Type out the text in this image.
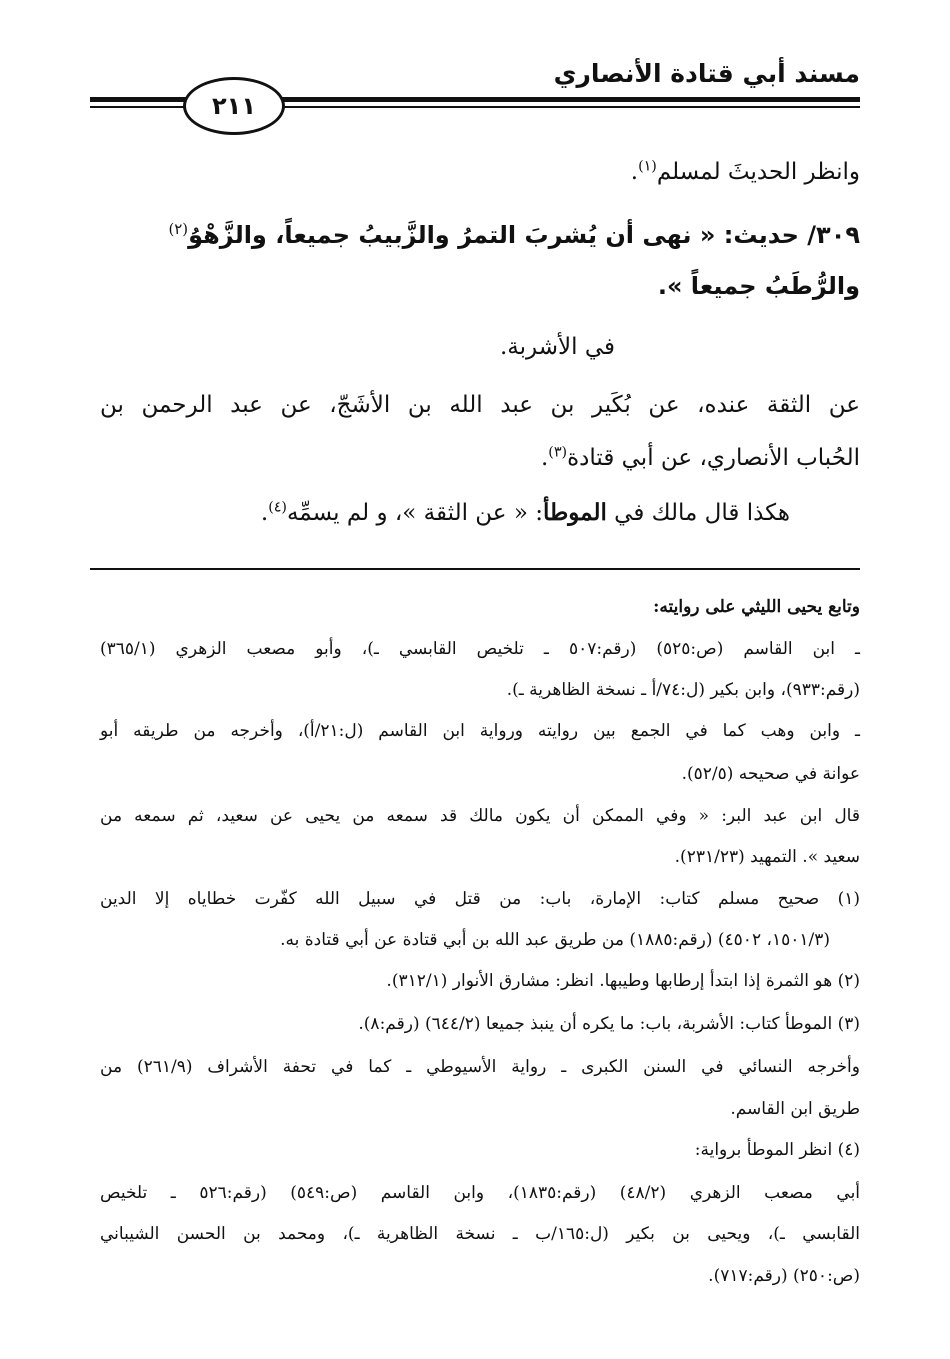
مسند أبي قتادة الأنصاري
٢١١
وانظر الحديثَ لمسلم$^{(١)}$.
٣٠٩/ حديث: « نهى أن يُشربَ التمرُ والزَّبيبُ جميعاً، والزَّهْوُ$^{(٢)}$
والرُّطَبُ جميعاً ».
في الأشربة.
عن الثقة عنده، عن بُكَير بن عبد الله بن الأشَجّ، عن عبد الرحمن بن
الحُباب الأنصاري، عن أبي قتادة$^{(٣)}$.
هكذا قال مالك في الموطأ: « عن الثقة »، و لم يسمِّه$^{(٤)}$.
وتابع يحيى الليثي على روايته:
ـ ابن القاسم (ص:٥٢٥) (رقم:٥٠٧ ـ تلخيص القابسي ـ)، وأبو مصعب الزهري (٣٦٥/١)
(رقم:٩٣٣)، وابن بكير (ل:٧٤/أ ـ نسخة الظاهرية ـ).
ـ وابن وهب كما في الجمع بين روايته ورواية ابن القاسم (ل:٢١/أ)، وأخرجه من طريقه أبو
عوانة في صحيحه (٥٢/٥).
قال ابن عبد البر: « وفي الممكن أن يكون مالك قد سمعه من يحيى عن سعيد، ثم سمعه من
سعيد ». التمهيد (٢٣١/٢٣).
(١) صحيح مسلم كتاب: الإمارة، باب: من قتل في سبيل الله كفّرت خطاياه إلا الدين
(١٥٠١/٣، ٤٥٠٢) (رقم:١٨٨٥) من طريق عبد الله بن أبي قتادة عن أبي قتادة به.
(٢) هو الثمرة إذا ابتدأ إرطابها وطيبها. انظر: مشارق الأنوار (٣١٢/١).
(٣) الموطأ كتاب: الأشربة، باب: ما يكره أن ينبذ جميعا (٦٤٤/٢) (رقم:٨).
وأخرجه النسائي في السنن الكبرى ـ رواية الأسيوطي ـ كما في تحفة الأشراف (٢٦١/٩) من
طريق ابن القاسم.
(٤) انظر الموطأ برواية:
أبي مصعب الزهري (٤٨/٢) (رقم:١٨٣٥)، وابن القاسم (ص:٥٤٩) (رقم:٥٢٦ ـ تلخيص
القابسي ـ)، ويحيى بن بكير (ل:١٦٥/ب ـ نسخة الظاهرية ـ)، ومحمد بن الحسن الشيباني
(ص:٢٥٠) (رقم:٧١٧).
